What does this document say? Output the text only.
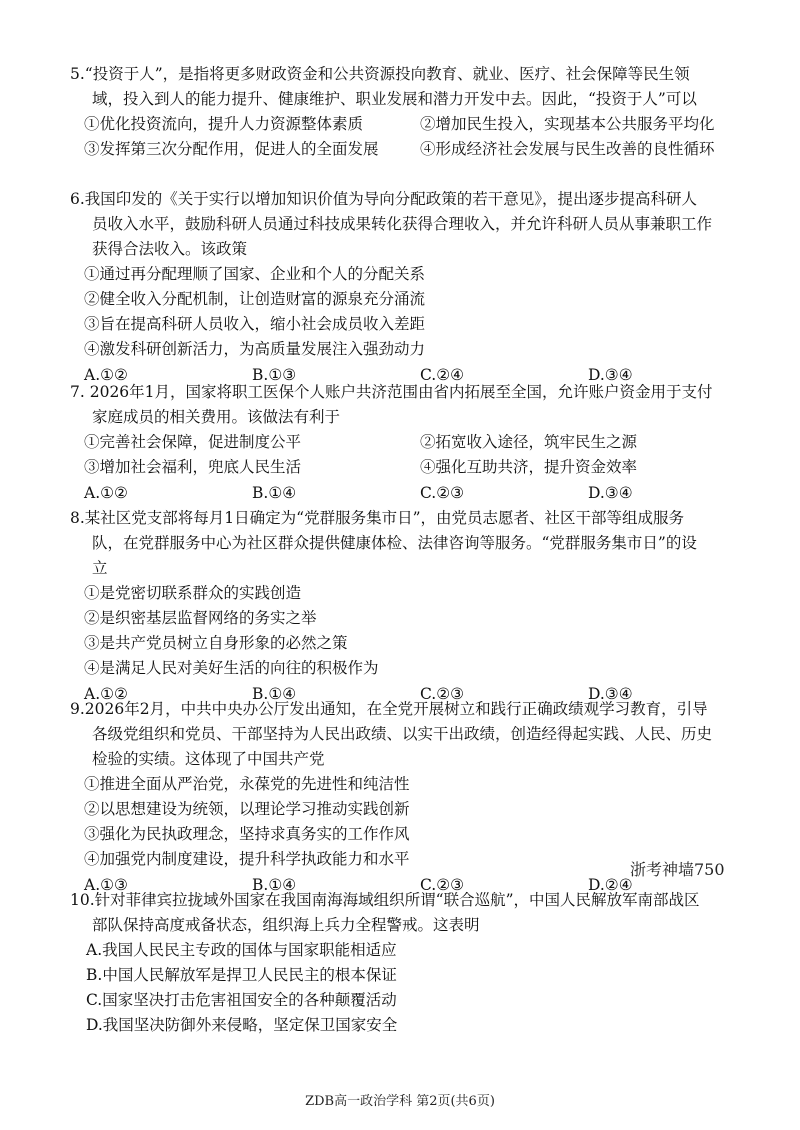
5.“投资于人”，是指将更多财政资金和公共资源投向教育、就业、医疗、社会保障等民生领
域，投入到人的能力提升、健康维护、职业发展和潜力开发中去。因此，“投资于人”可以

①优化投资流向，提升人力资源整体素质	②增加民生投入，实现基本公共服务平均化
③发挥第三次分配作用，促进人的全面发展	④形成经济社会发展与民生改善的良性循环

6.我国印发的《关于实行以增加知识价值为导向分配政策的若干意见》，提出逐步提高科研人
员收入水平，鼓励科研人员通过科技成果转化获得合理收入，并允许科研人员从事兼职工作
获得合法收入。该政策

①通过再分配理顺了国家、企业和个人的分配关系
②健全收入分配机制，让创造财富的源泉充分涌流
③旨在提高科研人员收入，缩小社会成员收入差距
④激发科研创新活力，为高质量发展注入强劲动力
A.①②	B.①③	C.②④	D.③④

7. 2026年1月，国家将职工医保个人账户共济范围由省内拓展至全国，允许账户资金用于支付
家庭成员的相关费用。该做法有利于

①完善社会保障，促进制度公平	②拓宽收入途径，筑牢民生之源
③增加社会福利，兜底人民生活	④强化互助共济，提升资金效率
A.①②	B.①④	C.②③	D.③④

8.某社区党支部将每月1日确定为“党群服务集市日”，由党员志愿者、社区干部等组成服务
队，在党群服务中心为社区群众提供健康体检、法律咨询等服务。“党群服务集市日”的设
立

①是党密切联系群众的实践创造
②是织密基层监督网络的务实之举
③是共产党员树立自身形象的必然之策
④是满足人民对美好生活的向往的积极作为
A.①②	B.①④	C.②③	D.③④

9.2026年2月，中共中央办公厅发出通知，在全党开展树立和践行正确政绩观学习教育，引导
各级党组织和党员、干部坚持为人民出政绩、以实干出政绩，创造经得起实践、人民、历史
检验的实绩。这体现了中国共产党

①推进全面从严治党，永葆党的先进性和纯洁性
②以思想建设为统领，以理论学习推动实践创新
③强化为民执政理念，坚持求真务实的工作作风
④加强党内制度建设，提升科学执政能力和水平
A.①③	B.①④	C.②③	D.②④
浙考神墙750

10.针对菲律宾拉拢域外国家在我国南海海域组织所谓“联合巡航”，中国人民解放军南部战区
部队保持高度戒备状态，组织海上兵力全程警戒。这表明

A.我国人民民主专政的国体与国家职能相适应
B.中国人民解放军是捍卫人民民主的根本保证
C.国家坚决打击危害祖国安全的各种颠覆活动
D.我国坚决防御外来侵略，坚定保卫国家安全
ZDB高一政治学科 第2页(共6页)
